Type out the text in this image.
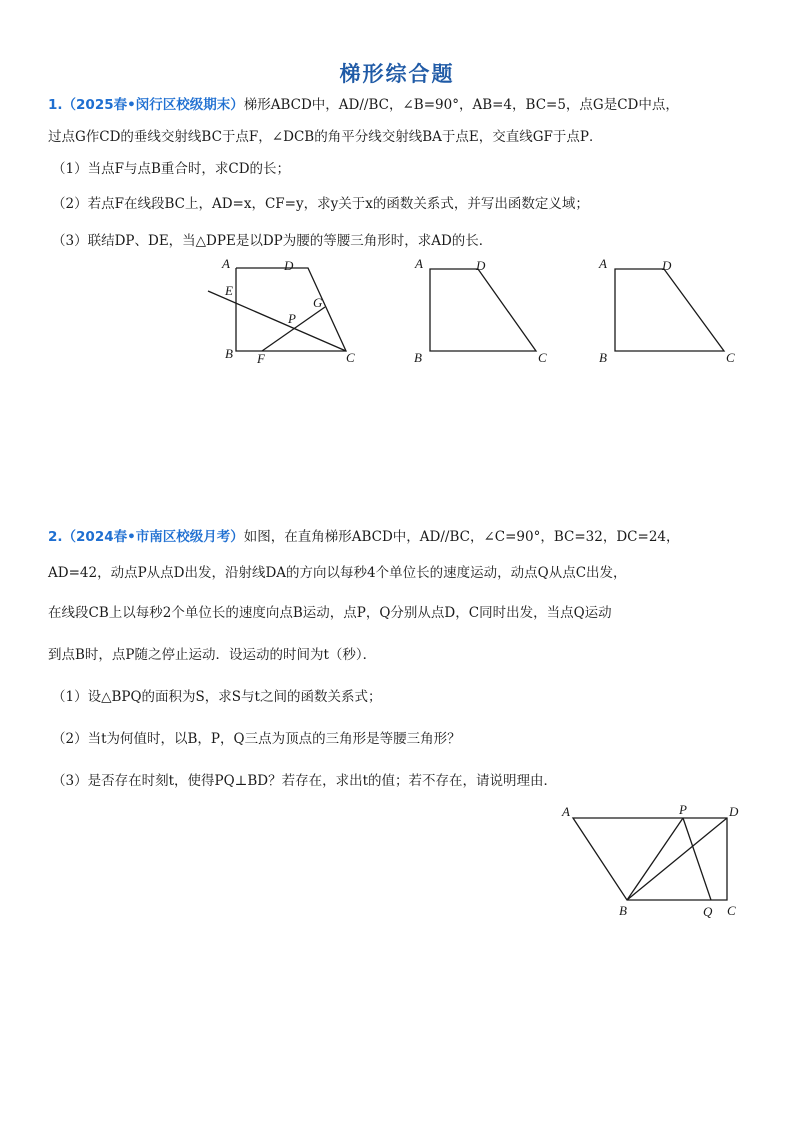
梯形综合题
1.（2025春•闵行区校级期末）梯形ABCD中，AD//BC，∠B=90°，AB=4，BC=5，点G是CD中点，
过点G作CD的垂线交射线BC于点F，∠DCB的角平分线交射线BA于点E，交直线GF于点P．
（1）当点F与点B重合时，求CD的长；
（2）若点F在线段BC上，AD=x，CF=y，求y关于x的函数关系式，并写出函数定义域；
（3）联结DP、DE，当△DPE是以DP为腰的等腰三角形时，求AD的长．
A	D
E
G
P
B F	C
A	D
B	C
A	D
B	C
2.（2024春•市南区校级月考）如图，在直角梯形ABCD中，AD//BC，∠C=90°，BC=32，DC=24，
AD=42，动点P从点D出发，沿射线DA的方向以每秒4个单位长的速度运动，动点Q从点C出发，
在线段CB上以每秒2个单位长的速度向点B运动，点P，Q分别从点D，C同时出发，当点Q运动
到点B时，点P随之停止运动．设运动的时间为t（秒）．
（1）设△BPQ的面积为S，求S与t之间的函数关系式；
（2）当t为何值时，以B，P，Q三点为顶点的三角形是等腰三角形？
（3）是否存在时刻t，使得PQ⊥BD？若存在，求出t的值；若不存在，请说明理由．
A	P	D
B	Q C
